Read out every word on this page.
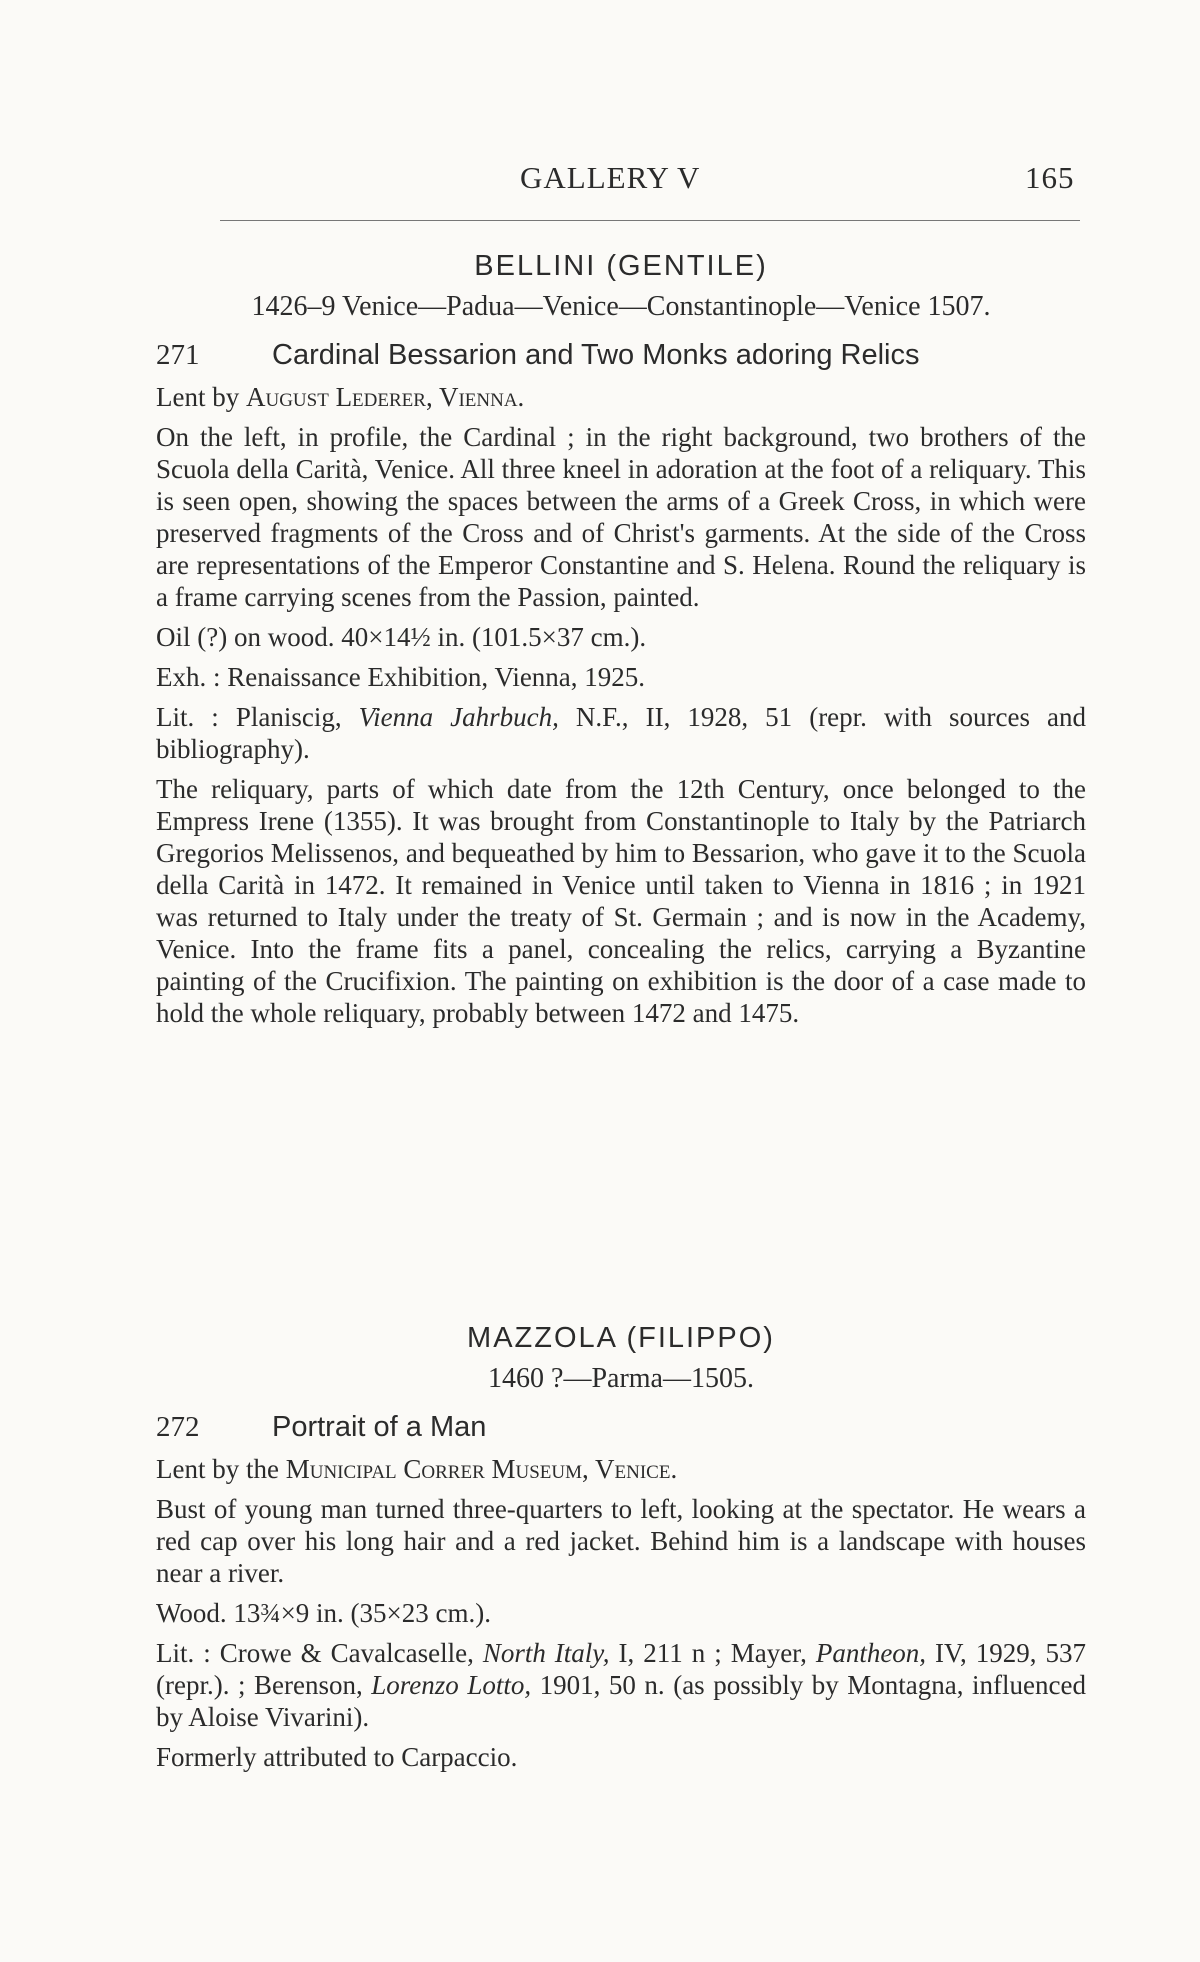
GALLERY V	165
BELLINI (GENTILE)

1426–9 Venice—Padua—Venice—Constantinople—Venice 1507.

271	Cardinal Bessarion and Two Monks adoring Relics

Lent by August Lederer, Vienna.

On the left, in profile, the Cardinal ; in the right background, two brothers of the Scuola della Carità, Venice. All three kneel in adoration at the foot of a reliquary. This is seen open, showing the spaces between the arms of a Greek Cross, in which were preserved fragments of the Cross and of Christ's garments. At the side of the Cross are representations of the Emperor Constantine and S. Helena. Round the reliquary is a frame carrying scenes from the Passion, painted.

Oil (?) on wood. 40×14½ in. (101.5×37 cm.).

Exh. : Renaissance Exhibition, Vienna, 1925.

Lit. : Planiscig, Vienna Jahrbuch, N.F., II, 1928, 51 (repr. with sources and bibliography).

The reliquary, parts of which date from the 12th Century, once belonged to the Empress Irene (1355). It was brought from Constantinople to Italy by the Patriarch Gregorios Melissenos, and bequeathed by him to Bessarion, who gave it to the Scuola della Carità in 1472. It remained in Venice until taken to Vienna in 1816 ; in 1921 was returned to Italy under the treaty of St. Germain ; and is now in the Academy, Venice. Into the frame fits a panel, concealing the relics, carrying a Byzantine painting of the Crucifixion. The painting on exhibition is the door of a case made to hold the whole reliquary, probably between 1472 and 1475.

MAZZOLA (FILIPPO)

1460 ?—Parma—1505.

272	Portrait of a Man

Lent by the Municipal Correr Museum, Venice.

Bust of young man turned three-quarters to left, looking at the spectator. He wears a red cap over his long hair and a red jacket. Behind him is a landscape with houses near a river.

Wood. 13¾×9 in. (35×23 cm.).

Lit. : Crowe & Cavalcaselle, North Italy, I, 211 n ; Mayer, Pantheon, IV, 1929, 537 (repr.). ; Berenson, Lorenzo Lotto, 1901, 50 n. (as possibly by Montagna, influenced by Aloise Vivarini).

Formerly attributed to Carpaccio.
